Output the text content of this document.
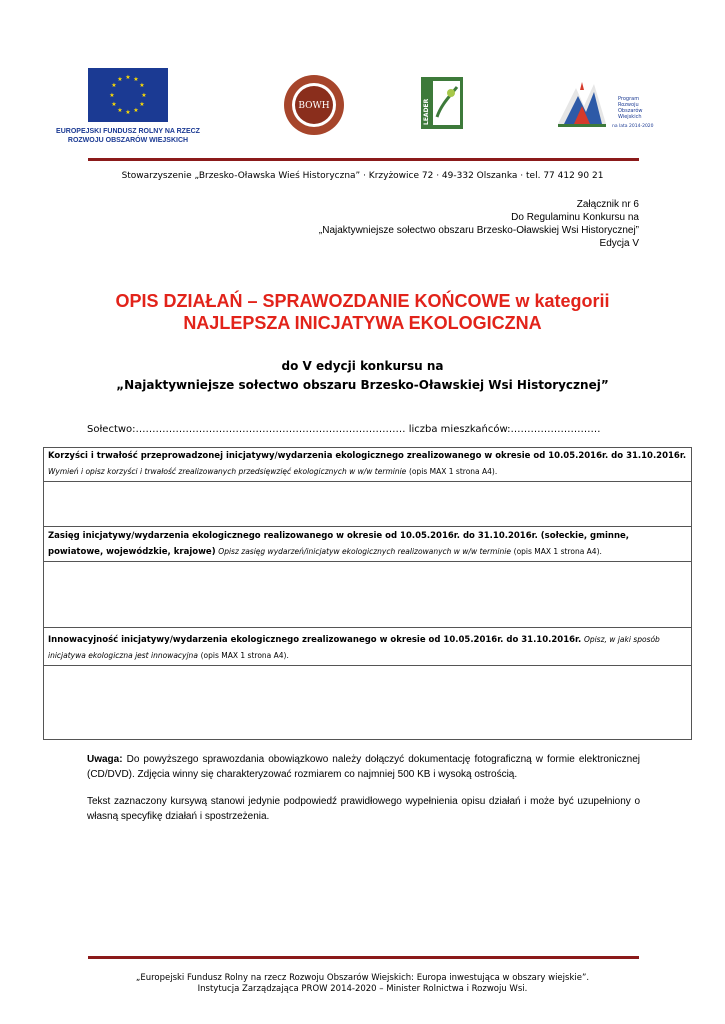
★ ★
★
★
★
★
★
★
★
★
★
★
EUROPEJSKI FUNDUSZ ROLNY NA RZECZ
ROZWOJU OBSZARÓW WIEJSKICH
BOWH	LEADER	Program
Rozwoju
Obszarów
Wiejskich
na lata 2014-2020
Stowarzyszenie „Brzesko-Oławska Wieś Historyczna” · Krzyżowice 72 · 49-332 Olszanka · tel. 77 412 90 21
Załącznik nr 6
Do Regulaminu Konkursu na
„Najaktywniejsze sołectwo obszaru Brzesko-Oławskiej Wsi Historycznej”
Edycja V
OPIS DZIAŁAŃ – SPRAWOZDANIE KOŃCOWE w kategorii
NAJLEPSZA INICJATYWA EKOLOGICZNA
do V edycji konkursu na
„Najaktywniejsze sołectwo obszaru Brzesko-Oławskiej Wsi Historycznej”
Sołectwo:……………………………………………………………………… liczba mieszkańców:………………………
Korzyści i trwałość przeprowadzonej inicjatywy/wydarzenia ekologicznego zrealizowanego w okresie od 10.05.2016r. do 31.10.2016r. Wymień i opisz korzyści i trwałość zrealizowanych przedsięwzięć ekologicznych w w/w terminie (opis MAX 1 strona A4).
Zasięg inicjatywy/wydarzenia ekologicznego realizowanego w okresie od 10.05.2016r. do 31.10.2016r. (sołeckie, gminne, powiatowe, wojewódzkie, krajowe) Opisz zasięg wydarzeń/inicjatyw ekologicznych realizowanych w w/w terminie (opis MAX 1 strona A4).
Innowacyjność inicjatywy/wydarzenia ekologicznego zrealizowanego w okresie od 10.05.2016r. do 31.10.2016r. Opisz, w jaki sposób inicjatywa ekologiczna jest innowacyjna (opis MAX 1 strona A4).
Uwaga: Do powyższego sprawozdania obowiązkowo należy dołączyć dokumentację fotograficzną w formie elektronicznej (CD/DVD). Zdjęcia winny się charakteryzować rozmiarem co najmniej 500 KB i wysoką ostrością.
Tekst zaznaczony kursywą stanowi jedynie podpowiedź prawidłowego wypełnienia opisu działań i może być uzupełniony o własną specyfikę działań i spostrzeżenia.
„Europejski Fundusz Rolny na rzecz Rozwoju Obszarów Wiejskich: Europa inwestująca w obszary wiejskie”.
Instytucja Zarządzająca PROW 2014-2020 – Minister Rolnictwa i Rozwoju Wsi.
